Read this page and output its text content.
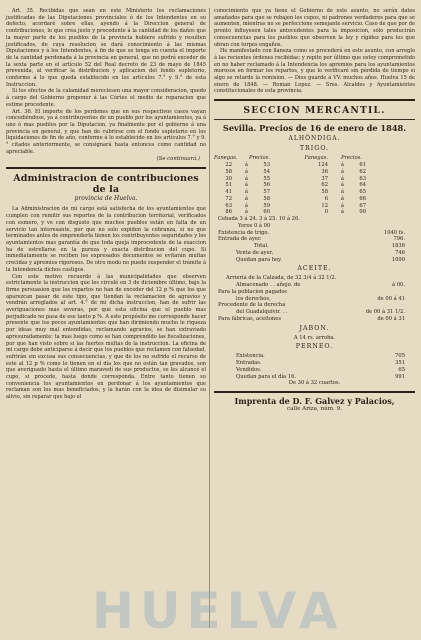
Art. 35. Recibidas que sean en este Ministerio los reclamaciones justificadas de las Diputaciones provinciales ó de los Intendentes en su defecto, acordaré sobre ellas, ayendo á la Direccion general de contribuciones, lo que crea justo y procedente á la cantidad de los daños que la mayor parte de los pueblos de la provincia hubiere sufrido y resulten justificados, de cuya resolucion se dará conocimiento á las mismas Diputaciones y á los Intendentes, á fin de que se tenga en cuenta el importe de la cantidad perdonada á la provincia en general, que no podrá exceder de la sexta parte en el artículo 52 del Real decreto de 23 de mayo de 1845 prevenida, al verificar la distribucion y aplicacion del fondo supletorio, conforme á lo que queda establecido en los artículos 7.° y 9.° de esta Instruccion.

Si los efectos de la calamidad mereciesen una mayor consideracion, quedo á cargo del Gobierno proponer á las Córtes el medio de reparacion que estime procedente.

Art. 36. El importe de los perdones que en sus respectivos casos vayan concediéndose, ya á contribuyentes de un pueblo por los ayuntamientos, ya á uno ó mas pueblos por la Diputacion, ya finalmente por el gobierno á una provincia en general, y que han de cubrirse con el fondo supletorio en los liquidaciones de fin de año, conforme á lo establecido en los artículos 7.° y 9.° citados anteriormente, se consignará hasta entonces como cantidad no apreciable.

(Se continuará.)
Administracion de contribuciones de la
provincia de Huelva.

La Administracion de mi cargo está satisfecha de los ayuntamientos que cumplen con remitir sus reportes de la contribucion territorial, verificados con esmero, y ve con disgusto que muchos pueblos están en falta de un servicio tan interesante, por que no solo expiden la cobranza, si no que terminados antes de emprenderla tienen los contribuyentes seguridades y los ayuntamientos mas garantía de que toda queja improcedente de la exaccion ha de estrellarse en la pureza y exacta distribucion del cupo. Si inmediatamente se reciben los expresados documentos se evitarán multas crecidas y apremios rigorosos. De otro modo no puedo suspender el trámite á la Intendencia dichos castigos.

Con este motivo recuerdo á las municipalidades que observen estrictamente la instruccion que les circulé en 3 de diciembre último, bajo la firme persuasion que los repartos no han de exceder del 12 p % que los que aparezcan pasar de este tipo, que tiendan la reclamacion de agravios y vendrán arreglados al art. 4.° de mi dicha instruccion, han de sufrir las averiguaciones mas severas, por que esta oficina que el pueblo mas perjudicado no pasa de ese tanto p %. A este propósito me corresponde hacer presente que los pocos ayuntamientos que han dirimiendo mucho le riqueza por ideas muy mal entendidas, reclamando agravios, se han extraviado apresuradamente: ta mas luego como se han comprendido las fiscalizaciones, por que han visto sobre si las fuertes multas de la instruccion. La oficina de mi cargo debe anticiparse á decir que los pueblos que reclamen con falsedad, sufrirán sin excusa sus consecuencias, y que de los no sufrido el recurso de este al 12 p % como lo tienen en el día los que no están tan gravados, son que averiguado hasta el último maravedí de sus productos, se les alcancé el cupo, si procede, hasta donde corresponda. Entre tanto tienen su conveniencia los ayuntamientos en perdonar á los ayuntamientos que reclaman son los mas beneficiados, y la harán con la idea de disimular su alivio, sin reparar que bajo el

conocimiento que ya tiene el Gobierno de este asunto, no serán datos amañados para que se rebajen los cupos, ni padrones verdaderos para que se aumenten, mientras no se perfeccione semejante servicio. Caso de que por de pronto influyesen tales antecedentes para la imposicion, sólo producirán consecuencias para los pueblos que observen la ley y rígidez para los que obran con torpes engaños.

He manifestado con llaneza como se procederá en este asunto, con arreglo á las recientes órdenes recibidas; y repito por último que estoy comprometido en no haber reclamado á la Intendencia los apremios para los ayuntamientos morosos en formar los repartos, y que lo verificaré sin pérdida de tiempo si algo se retarde la remision. — Dios guarde á VV. muchos años. Huelva 15 de enero de 1848. — Roman Lopez. — Sres. Alcaldes y Ayuntamientos constitucionales de esta provincia.

SECCION MERCANTIL.
Sevilla. Precios de 16 de enero de 1848.
ALHÓNDIGA.
TRIGO.
Fanegas.	Precios.	Fanegas.	Precios.
22	á	53	124	á	61
58	á	54	36	á	62
30	á	55	37	á	63
51	á	56	62	á	64
41	á	57	58	á	65
72	á	58	6	á	66
63	á	59	12	á	67
86	á	60	0	á	00
Cebada 3 á 24. 3 á 25. 10 á 26.
Yeros 0 á 00
Existencia de trigo.	1040 fs.
Entrada de ayer.	796.
Total.	1836
Venta de ayer.	746
Quedan para hoy.	1090
ACEITE.
Arriería de la Calzada, de 32 3/4 á 32 1/2.
Almacenado . . añejo. de	á 00.
Para la poblacion pagados
los derechos,	de 00 á 41
Procedente de la derecha
del Guadalquivir. . .	de 00 á 31 1/2.
Para fábricas, aceitones	de 00 á 31
JABON.
A 14 rs. arroba.
PERNEO.
Existencia.	705
Entradas.	351
Vendidos.	65
Quedan para el día 16.	991
De 30 á 32 cuartos.
Imprenta de D. F. Galvez y Palacios,
calle Ariza, núm. 9.
HUELVA
